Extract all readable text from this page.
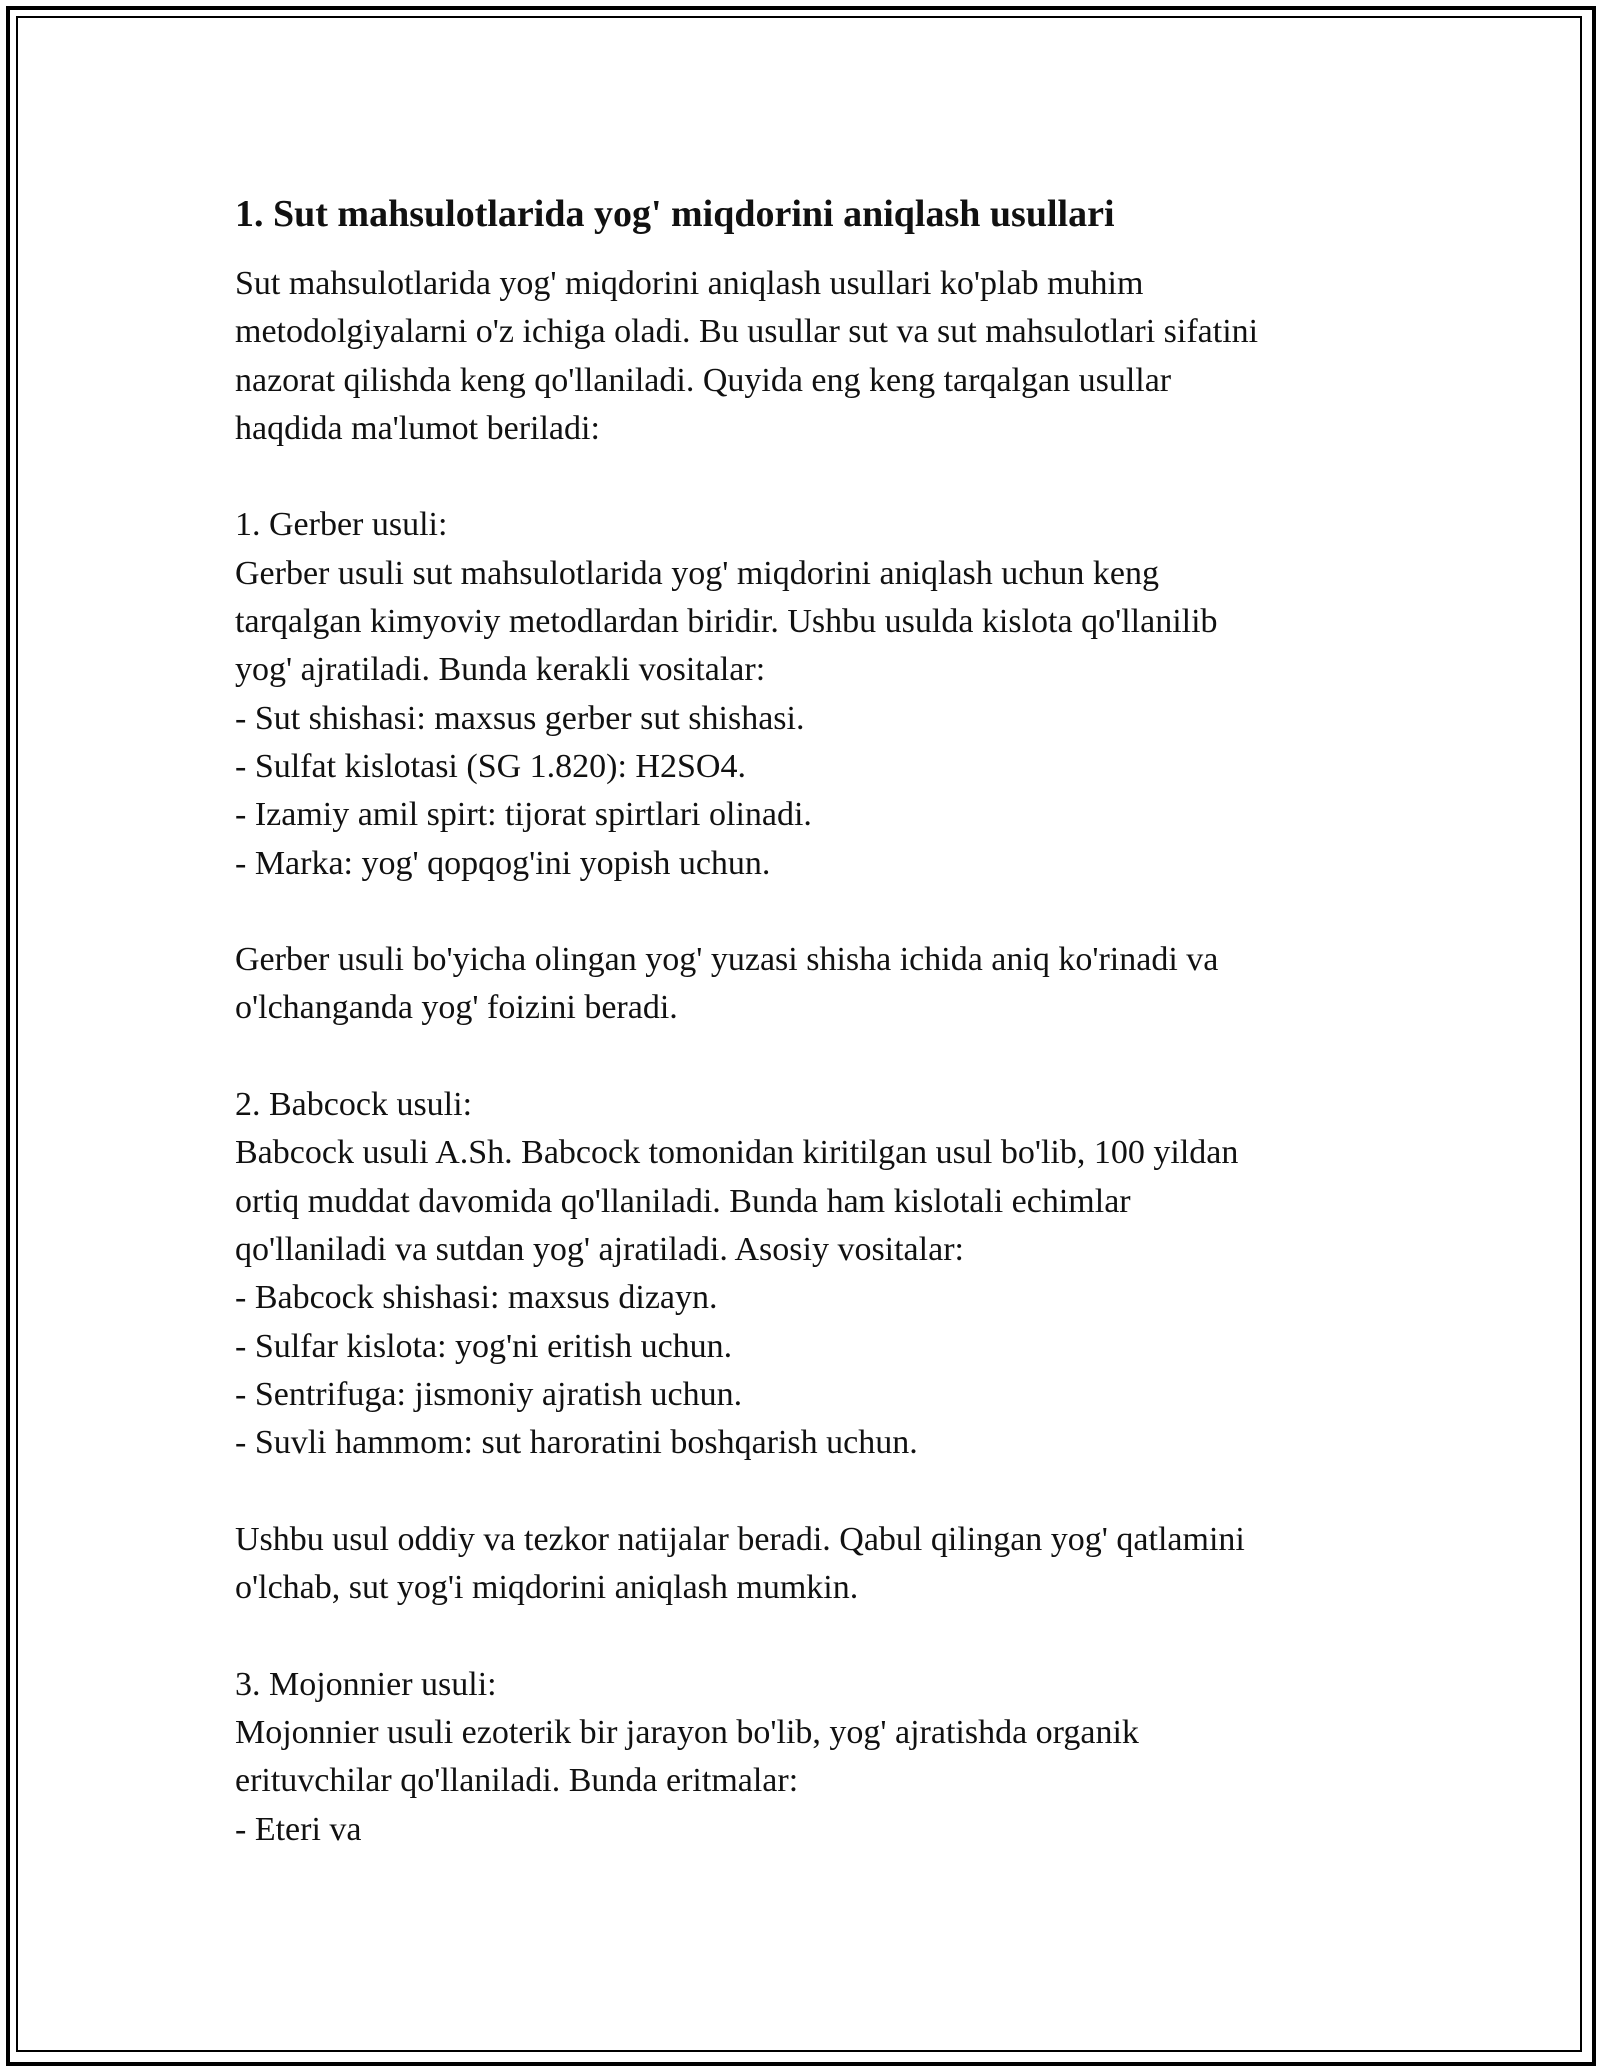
1. Sut mahsulotlarida yog' miqdorini aniqlash usullari
Sut mahsulotlarida yog' miqdorini aniqlash usullari ko'plab muhim
metodolgiyalarni o'z ichiga oladi. Bu usullar sut va sut mahsulotlari sifatini
nazorat qilishda keng qo'llaniladi. Quyida eng keng tarqalgan usullar
haqdida ma'lumot beriladi:
1. Gerber usuli:
Gerber usuli sut mahsulotlarida yog' miqdorini aniqlash uchun keng
tarqalgan kimyoviy metodlardan biridir. Ushbu usulda kislota qo'llanilib
yog' ajratiladi. Bunda kerakli vositalar:
- Sut shishasi: maxsus gerber sut shishasi.
- Sulfat kislotasi (SG 1.820): H2SO4.
- Izamiy amil spirt: tijorat spirtlari olinadi.
- Marka: yog' qopqog'ini yopish uchun.
Gerber usuli bo'yicha olingan yog' yuzasi shisha ichida aniq ko'rinadi va
o'lchanganda yog' foizini beradi.
2. Babcock usuli:
Babcock usuli A.Sh. Babcock tomonidan kiritilgan usul bo'lib, 100 yildan
ortiq muddat davomida qo'llaniladi. Bunda ham kislotali echimlar
qo'llaniladi va sutdan yog' ajratiladi. Asosiy vositalar:
- Babcock shishasi: maxsus dizayn.
- Sulfar kislota: yog'ni eritish uchun.
- Sentrifuga: jismoniy ajratish uchun.
- Suvli hammom: sut haroratini boshqarish uchun.
Ushbu usul oddiy va tezkor natijalar beradi. Qabul qilingan yog' qatlamini
o'lchab, sut yog'i miqdorini aniqlash mumkin.
3. Mojonnier usuli:
Mojonnier usuli ezoterik bir jarayon bo'lib, yog' ajratishda organik
erituvchilar qo'llaniladi. Bunda eritmalar:
- Eteri va
